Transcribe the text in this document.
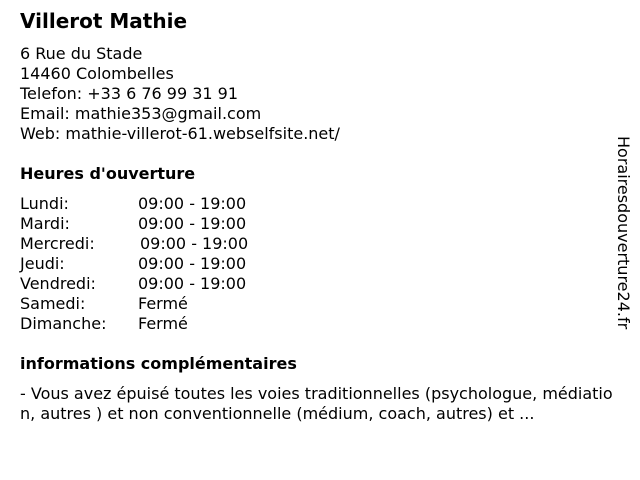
Villerot Mathie
6 Rue du Stade
14460 Colombelles
Telefon: +33 6 76 99 31 91
Email: mathie353@gmail.com
Web: mathie-villerot-61.webselfsite.net/
Heures d'ouverture
Lundi:	09:00 - 19:00
Mardi:	09:00 - 19:00
Mercredi:	09:00 - 19:00
Jeudi:	09:00 - 19:00
Vendredi:	09:00 - 19:00
Samedi:	Fermé
Dimanche: Fermé
informations complémentaires
- Vous avez épuisé toutes les voies traditionnelles (psychologue, médiation, autres ) et non conventionnelle (médium, coach, autres) et ...
Horairesdouverture24.fr
